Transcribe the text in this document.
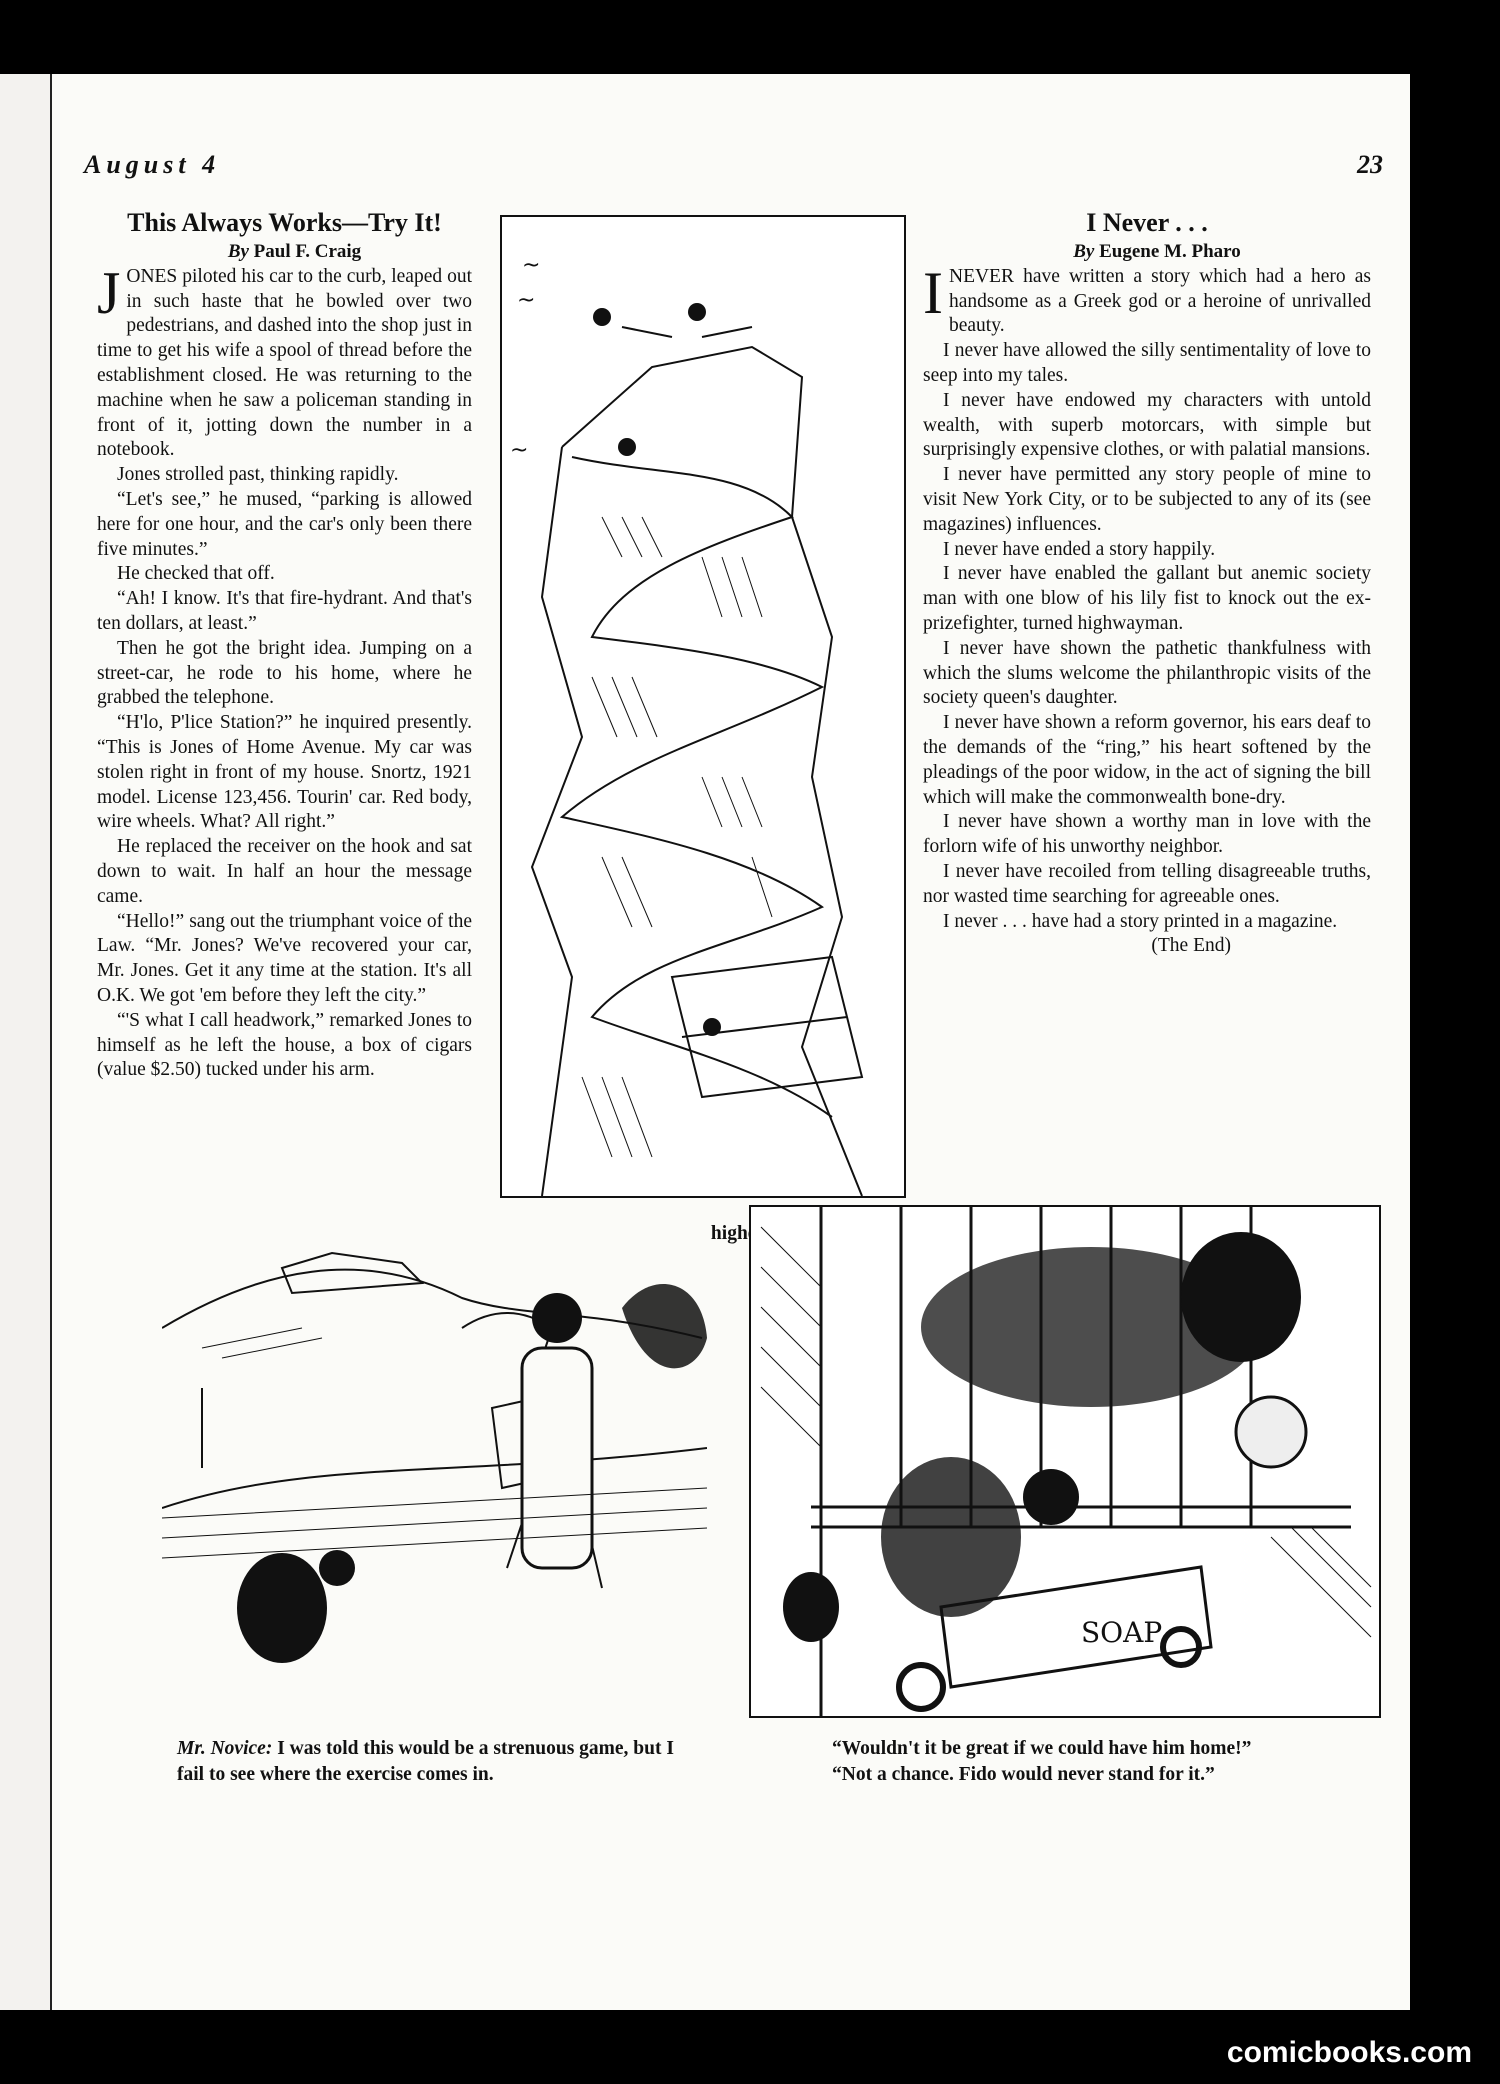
August 4	23

This Always Works—Try It!

By Paul F. Craig

JONES piloted his car to the curb, leaped out in such haste that he bowled over two pedestrians, and dashed into the shop just in time to get his wife a spool of thread before the establishment closed. He was returning to the machine when he saw a policeman standing in front of it, jotting down the number in a notebook.

Jones strolled past, thinking rapidly.

“Let's see,” he mused, “parking is allowed here for one hour, and the car's only been there five minutes.”

He checked that off.

“Ah! I know. It's that fire-hydrant. And that's ten dollars, at least.”

Then he got the bright idea. Jumping on a street-car, he rode to his home, where he grabbed the telephone.

“H'lo, P'lice Station?” he inquired presently. “This is Jones of Home Avenue. My car was stolen right in front of my house. Snortz, 1921 model. License 123,456. Tourin' car. Red body, wire wheels. What? All right.”

He replaced the receiver on the hook and sat down to wait. In half an hour the message came.

“Hello!” sang out the triumphant voice of the Law. “Mr. Jones? We've recovered your car, Mr. Jones. Get it any time at the station. It's all O.K. We got 'em before they left the city.”

“'S what I call headwork,” remarked Jones to himself as he left the house, a box of cigars (value $2.50) tucked under his arm.

~
~
~

higher

I Never . . .

By Eugene M. Pharo

INEVER have written a story which had a hero as handsome as a Greek god or a heroine of unrivalled beauty.

I never have allowed the silly sentimentality of love to seep into my tales.

I never have endowed my characters with untold wealth, with superb motorcars, with simple but surprisingly expensive clothes, or with palatial mansions.

I never have permitted any story people of mine to visit New York City, or to be subjected to any of its (see magazines) influences.

I never have ended a story happily.

I never have enabled the gallant but anemic society man with one blow of his lily fist to knock out the ex-prizefighter, turned highwayman.

I never have shown the pathetic thankfulness with which the slums welcome the philanthropic visits of the society queen's daughter.

I never have shown a reform governor, his ears deaf to the demands of the “ring,” his heart softened by the pleadings of the poor widow, in the act of signing the bill which will make the commonwealth bone-dry.

I never have shown a worthy man in love with the forlorn wife of his unworthy neighbor.

I never have recoiled from telling disagreeable truths, nor wasted time searching for agreeable ones.

I never . . . have had a story printed in a magazine.

(The End)

Mr. Novice: I was told this would be a strenuous game, but I fail to see where the exercise comes in.

SOAP

“Wouldn't it be great if we could have him home!”
“Not a chance. Fido would never stand for it.”

comicbooks.com
